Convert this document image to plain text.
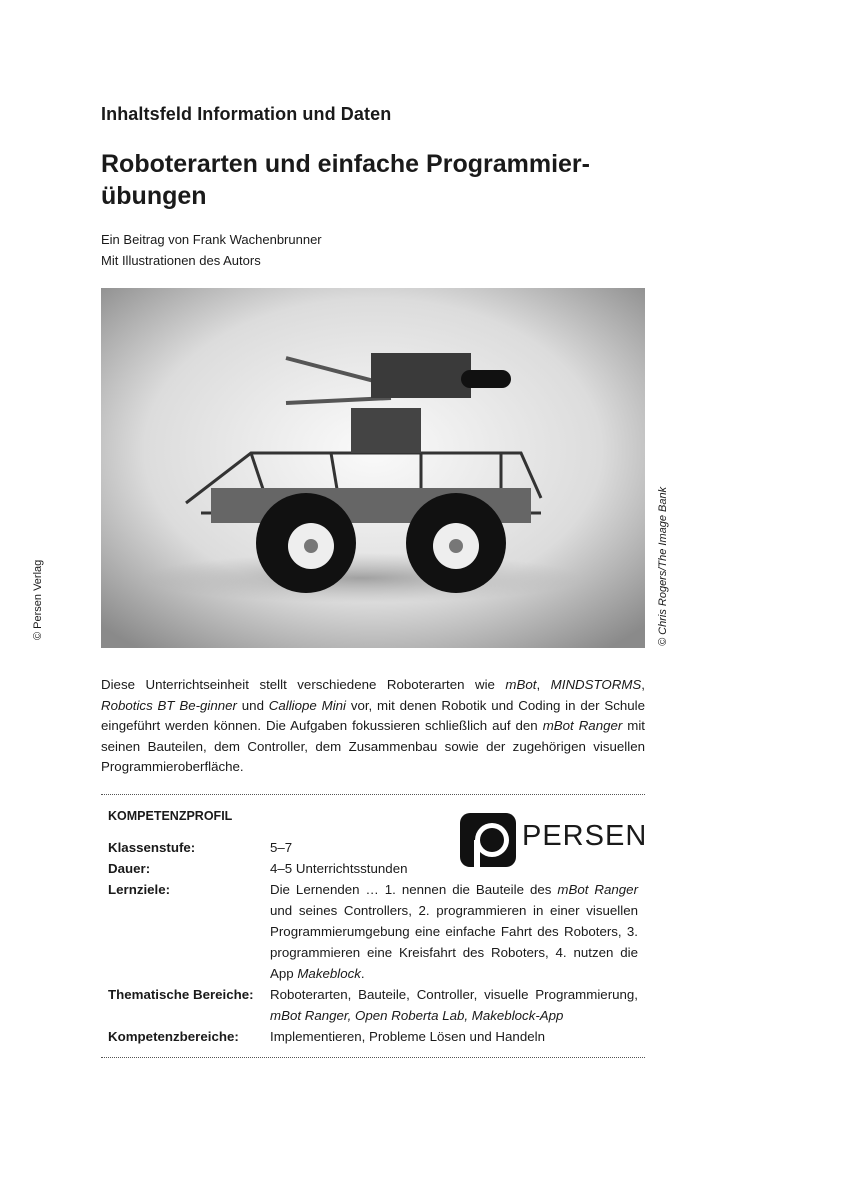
Inhaltsfeld Information und Daten
Roboterarten und einfache Programmier-
übungen
Ein Beitrag von Frank Wachenbrunner
Mit Illustrationen des Autors
© Persen Verlag	© Chris Rogers/The Image Bank
Diese Unterrichtseinheit stellt verschiedene Roboterarten wie mBot, MINDSTORMS, Robotics BT Be-ginner und Calliope Mini vor, mit denen Robotik und Coding in der Schule eingeführt werden können. Die Aufgaben fokussieren schließlich auf den mBot Ranger mit seinen Bauteilen, dem Controller, dem Zusammenbau sowie der zugehörigen visuellen Programmieroberfläche.
KOMPETENZPROFIL
PERSEN
Klassenstufe:	5–7
Dauer:	4–5 Unterrichtsstunden
Lernziele:	Die Lernenden … 1. nennen die Bauteile des mBot Ranger und seines Controllers, 2. programmieren in einer visuellen Programmierumgebung eine einfache Fahrt des Roboters, 3. programmieren eine Kreisfahrt des Roboters, 4. nutzen die App Makeblock.
Thematische Bereiche:	Roboterarten, Bauteile, Controller, visuelle Programmierung, mBot Ranger, Open Roberta Lab, Makeblock-App
Kompetenzbereiche:	Implementieren, Probleme Lösen und Handeln
